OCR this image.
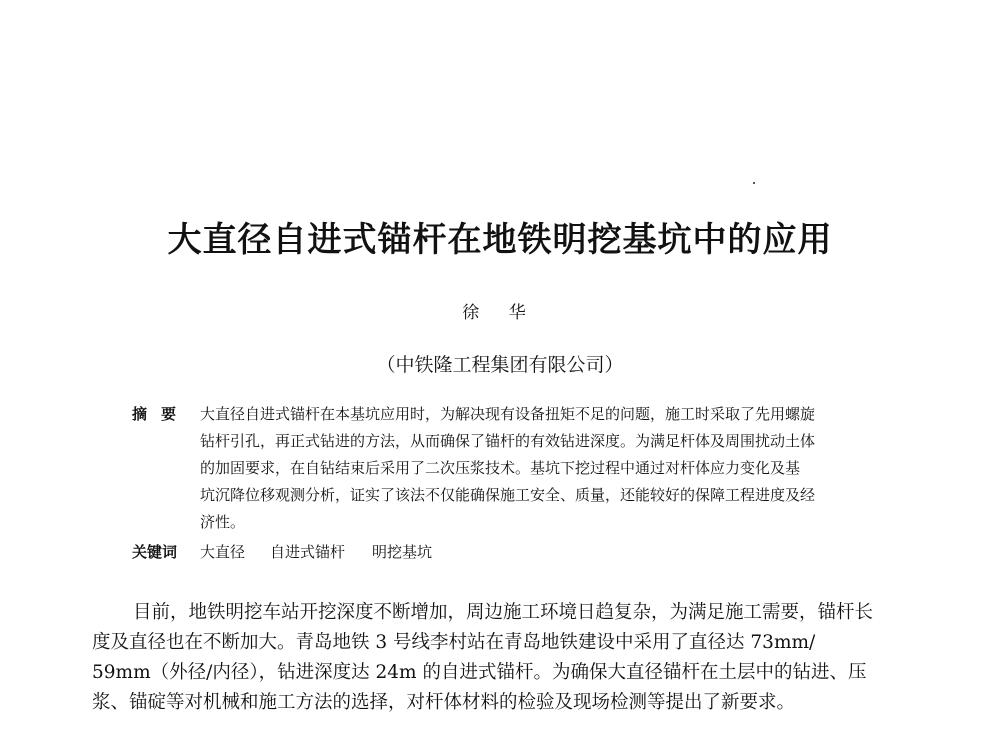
大直径自进式锚杆在地铁明挖基坑中的应用
徐 华
（中铁隆工程集团有限公司）
摘要 大直径自进式锚杆在本基坑应用时，为解决现有设备扭矩不足的问题，施工时采取了先用螺旋
钻杆引孔，再正式钻进的方法，从而确保了锚杆的有效钻进深度。为满足杆体及周围扰动土体
的加固要求，在自钻结束后采用了二次压浆技术。基坑下挖过程中通过对杆体应力变化及基
坑沉降位移观测分析，证实了该法不仅能确保施工安全、质量，还能较好的保障工程进度及经
济性。
关键词 大直径 自进式锚杆 明挖基坑
目前，地铁明挖车站开挖深度不断增加，周边施工环境日趋复杂，为满足施工需要，锚杆长
度及直径也在不断加大。青岛地铁 3 号线李村站在青岛地铁建设中采用了直径达 73mm/
59mm（外径/内径），钻进深度达 24m 的自进式锚杆。为确保大直径锚杆在土层中的钻进、压
浆、锚碇等对机械和施工方法的选择，对杆体材料的检验及现场检测等提出了新要求。
